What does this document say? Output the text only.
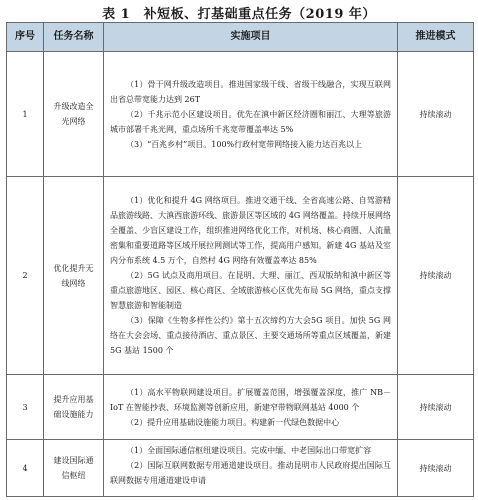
表 1　补短板、打基础重点任务（2019 年）
序号	任务名称	实施项目	推进模式
1	升级改造全光网络	（1）骨干网升级改造项目。推进国家级干线、省级干线融合，实现互联网出省总带宽能力达到 26T

（2）千兆示范小区建设项目。优先在滇中新区经济圈和丽江、大理等旅游城市部署千兆光网，重点场所千兆宽带覆盖率达 5%

（3）“百兆乡村”项目。100%行政村宽带网络接入能力达百兆以上	持续滚动
2	优化提升无线网络	（1）优化和提升 4G 网络项目。推进交通干线、全省高速公路、自驾游精品旅游线路、大滇西旅游环线、旅游景区等区域的 4G 网络覆盖。持续开展网络全覆盖、少盲区建设工作，组织推进网络优化工作，对机场、核心商圈、人流量密集和重要道路等区域开展拉网测试等工作，提高用户感知。新建 4G 基站及室内分布系统 4.5 万个，自然村 4G 网络有效覆盖率达 85%

（2）5G 试点及商用项目。在昆明、大理、丽江、西双版纳和滇中新区等重点旅游地区、园区、核心商区、全域旅游核心区优先布局 5G 网络，重点支撑智慧旅游和智能制造

（3）保障《生物多样性公约》第十五次缔约方大会5G 项目。加快 5G 网络在大会会场、重点接待酒店、重点景区、主要交通场所等重点区域覆盖，新建 5G 基站 1500 个	持续滚动
3	提升应用基础设施能力	（1）高水平物联网建设项目。扩展覆盖范围，增强覆盖深度，推广 NB－IoT 在智能抄表、环境监测等创新应用，新建窄带物联网基站 4000 个

（2）提升应用基础设施能力项目。构建新一代绿色数据中心	持续滚动
4	建设国际通信枢纽	（1）全面国际通信枢纽建设项目。完成中缅、中老国际出口带宽扩容

（2）国际互联网数据专用通道建设项目。推动昆明市人民政府提出国际互联网数据专用通道建设申请	持续滚动
